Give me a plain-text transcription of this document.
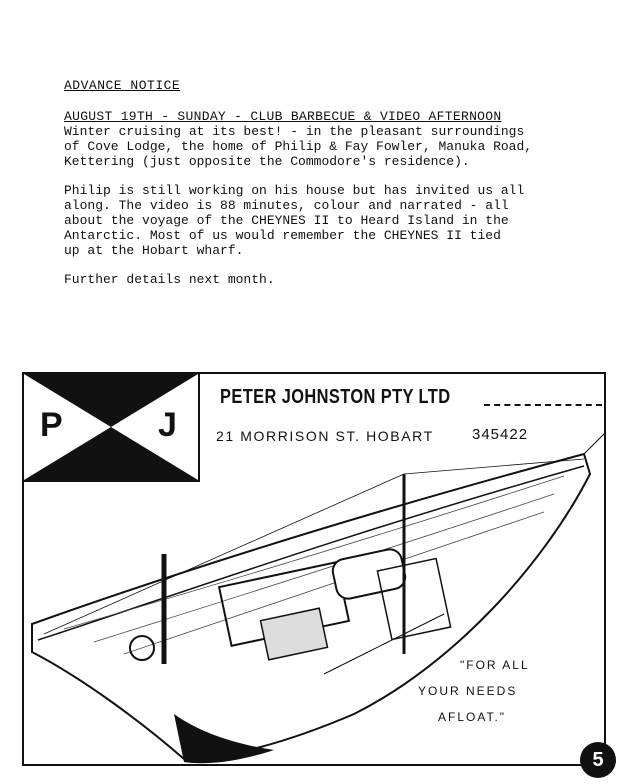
ADVANCE NOTICE
AUGUST 19TH - SUNDAY - CLUB BARBECUE & VIDEO AFTERNOON
Winter cruising at its best! - in the pleasant surroundings
of Cove Lodge, the home of Philip & Fay Fowler, Manuka Road,
Kettering (just opposite the Commodore's residence).
Philip is still working on his house but has invited us all
along. The video is 88 minutes, colour and narrated - all
about the voyage of the CHEYNES II to Heard Island in the
Antarctic. Most of us would remember the CHEYNES II tied
up at the Hobart wharf.
Further details next month.
P	J
PETER JOHNSTON PTY LTD
21 MORRISON ST. HOBART	345422
"FOR ALL
YOUR NEEDS
AFLOAT."
5
